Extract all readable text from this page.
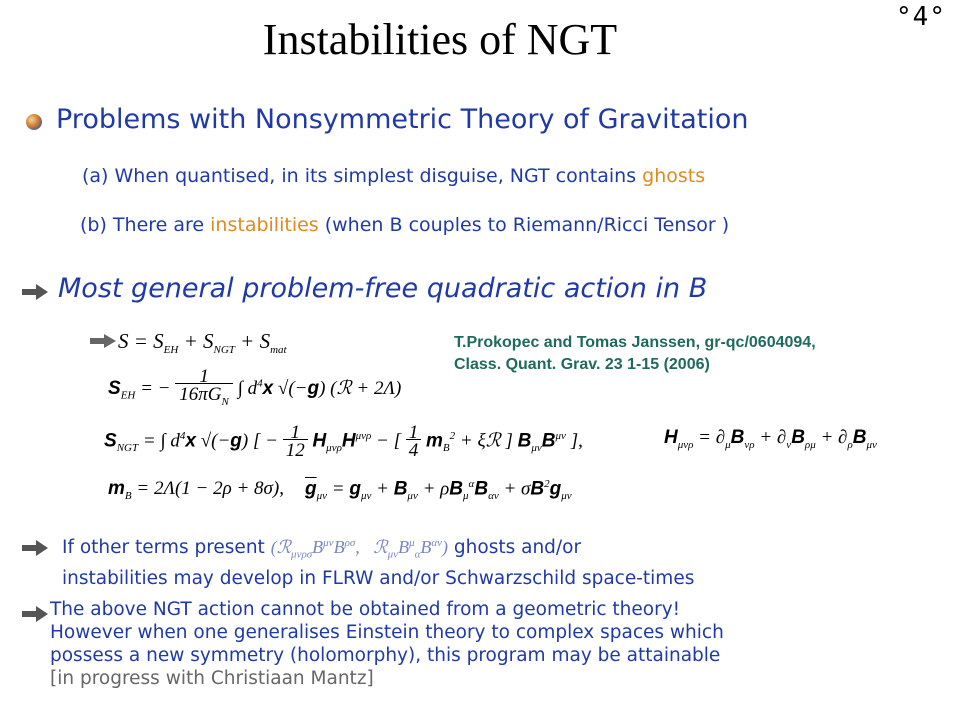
Instabilities of NGT	°4°
Problems with Nonsymmetric Theory of Gravitation
(a) When quantised, in its simplest disguise, NGT contains ghosts
(b) There are instabilities (when B couples to Riemann/Ricci Tensor )
Most general problem-free quadratic action in B
$S = S_{EH} + S_{NGT} + S_{mat}$
$S_{EH}$ = − 1
$16\pi G_N$ ∫ $d^4x$ √(−g) (ℛ + 2Λ)
$S_{NGT}$ = ∫ $d^4x$ √(−g) [ − 1
12 $H_{\mu\nu\rho}H^{\mu\nu\rho}$ − [ 1
4 $m_B^2$ + ξℛ ] $B_{\mu\nu}B^{\mu\nu}$ ],	$H_{\mu\nu\rho} = \partial_\mu B_{\nu\rho} + \partial_\nu B_{\rho\mu} + \partial_\rho B_{\mu\nu}$
$m_B = 2\Lambda(1 - 2\rho + 8\sigma)$, $\overline{g}_{\mu\nu} = g_{\mu\nu} + B_{\mu\nu} + \rho B_\mu^\alpha B_{\alpha\nu} + \sigma B^2g_{\mu\nu}$
T.Prokopec and Tomas Janssen, gr-qc/0604094,
Class. Quant. Grav. 23 1-15 (2006)
If other terms present ($ℛ_{\mu\nu\rho\sigma}B^{\mu\nu}B^{\rho\sigma}$,   $ℛ_{\mu\nu}B^\mu_\alpha B^{\alpha\nu}$) ghosts and/or
instabilities may develop in FLRW and/or Schwarzschild space-times
The above NGT action cannot be obtained from a geometric theory!
However when one generalises Einstein theory to complex spaces which
possess a new symmetry (holomorphy), this program may be attainable
[in progress with Christiaan Mantz]
